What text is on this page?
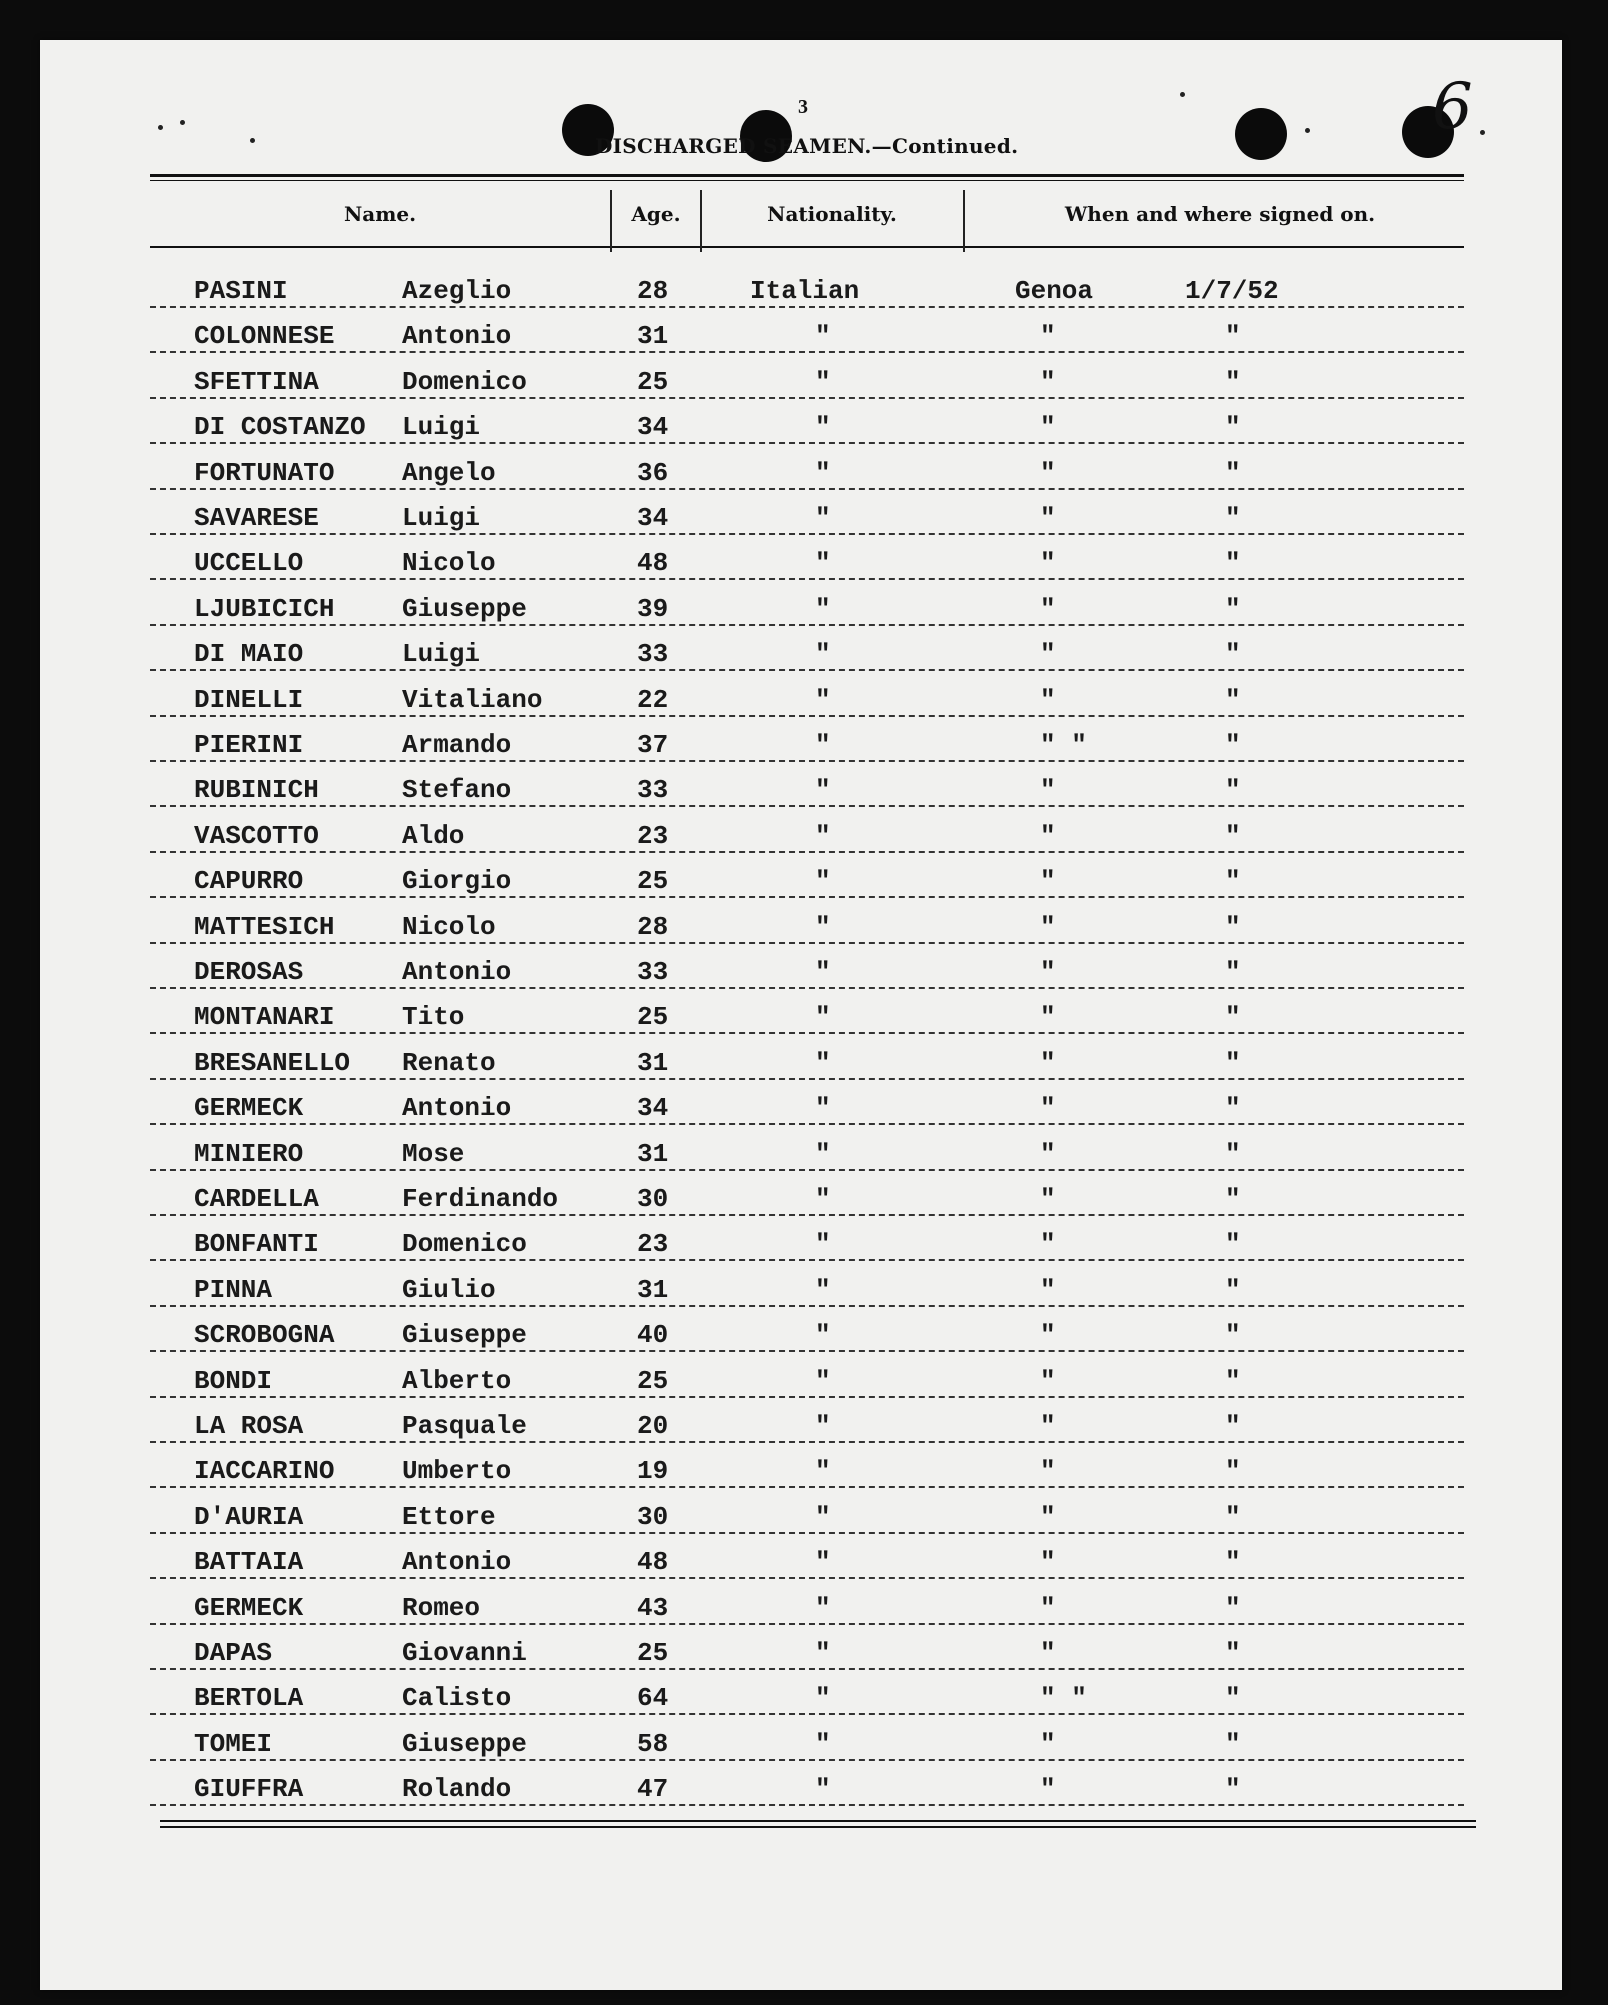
3	6
DISCHARGED SEAMEN.—Continued.
Name.	Age.	Nationality.	When and where signed on.
PASINI	Azeglio	28	Italian	Genoa	1/7/52
COLONNESE	Antonio	31	"	"	"
SFETTINA	Domenico	25	"	"	"
DI COSTANZO Luigi	34	"	"	"
FORTUNATO	Angelo	36	"	"	"
SAVARESE	Luigi	34	"	"	"
UCCELLO	Nicolo	48	"	"	"
LJUBICICH	Giuseppe	39	"	"	"
DI MAIO	Luigi	33	"	"	"
DINELLI	Vitaliano	22	"	"	"
PIERINI	Armando	37	"	" "	"
RUBINICH	Stefano	33	"	"	"
VASCOTTO	Aldo	23	"	"	"
CAPURRO	Giorgio	25	"	"	"
MATTESICH	Nicolo	28	"	"	"
DEROSAS	Antonio	33	"	"	"
MONTANARI	Tito	25	"	"	"
BRESANELLO Renato	31	"	"	"
GERMECK	Antonio	34	"	"	"
MINIERO	Mose	31	"	"	"
CARDELLA	Ferdinando	30	"	"	"
BONFANTI	Domenico	23	"	"	"
PINNA	Giulio	31	"	"	"
SCROBOGNA	Giuseppe	40	"	"	"
BONDI	Alberto	25	"	"	"
LA ROSA	Pasquale	20	"	"	"
IACCARINO	Umberto	19	"	"	"
D'AURIA	Ettore	30	"	"	"
BATTAIA	Antonio	48	"	"	"
GERMECK	Romeo	43	"	"	"
DAPAS	Giovanni	25	"	"	"
BERTOLA	Calisto	64	"	" "	"
TOMEI	Giuseppe	58	"	"	"
GIUFFRA	Rolando	47	"	"	"
